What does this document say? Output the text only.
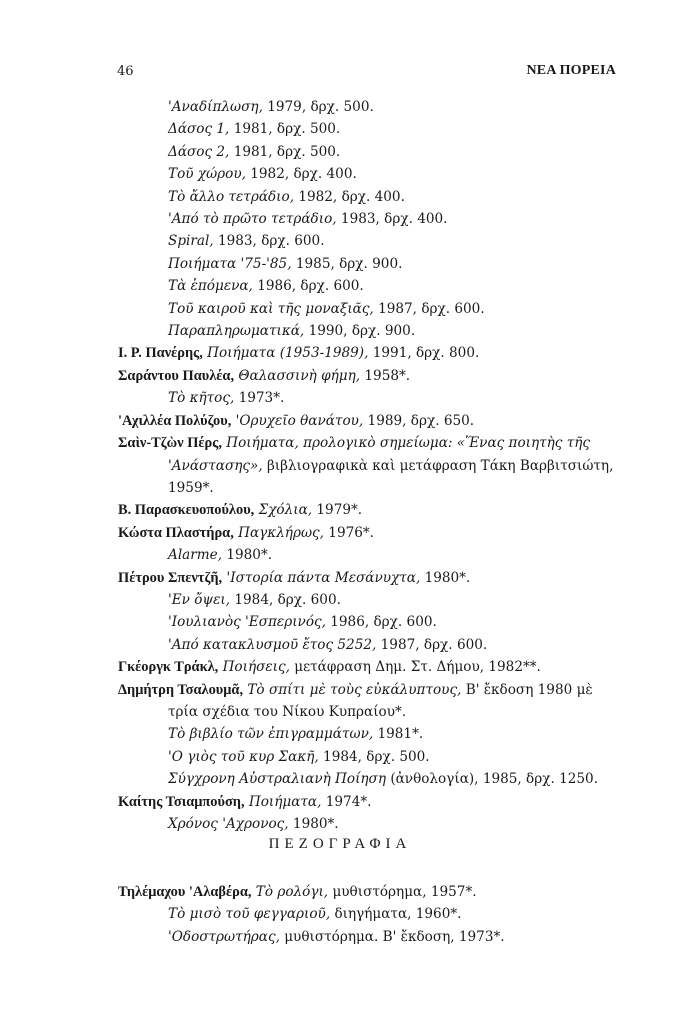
46	ΝΕΑ ΠΟΡΕΙΑ
'Αναδίπλωση, 1979, δρχ. 500.
Δάσος 1, 1981, δρχ. 500.
Δάσος 2, 1981, δρχ. 500.
Τοῦ χώρου, 1982, δρχ. 400.
Τὸ ἄλλο τετράδιο, 1982, δρχ. 400.
'Από τὸ πρῶτο τετράδιο, 1983, δρχ. 400.
Spiral, 1983, δρχ. 600.
Ποιήματα '75-'85, 1985, δρχ. 900.
Τὰ ἑπόμενα, 1986, δρχ. 600.
Τοῦ καιροῦ καὶ τῆς μοναξιᾶς, 1987, δρχ. 600.
Παραπληρωματικά, 1990, δρχ. 900.
Ι. Ρ. Πανέρης, Ποιήματα (1953-1989), 1991, δρχ. 800.
Σαράντου Παυλέα, Θαλασσινὴ φήμη, 1958*.
Τὸ κῆτος, 1973*.
'Αχιλλέα Πολύζου, 'Ορυχεῖο θανάτου, 1989, δρχ. 650.
Σαὶν-Τζὼν Πέρς, Ποιήματα, προλογικὸ σημείωμα: «Ἕνας ποιητὴς τῆς 'Ανάστασης», βιβλιογραφικὰ καὶ μετάφραση Τάκη Βαρβιτσιώτη, 1959*.
Β. Παρασκευοπούλου, Σχόλια, 1979*.
Κώστα Πλαστήρα, Παγκλήρως, 1976*.
Alarme, 1980*.
Πέτρου Σπεντζῆ, 'Ιστορία πάντα Μεσάνυχτα, 1980*.
'Εν ὄψει, 1984, δρχ. 600.
'Ιουλιανὸς 'Εσπερινός, 1986, δρχ. 600.
'Από κατακλυσμοῦ ἔτος 5252, 1987, δρχ. 600.
Γκέοργκ Τράκλ, Ποιήσεις, μετάφραση Δημ. Στ. Δήμου, 1982**.
Δημήτρη Τσαλουμᾶ, Τὸ σπίτι μὲ τοὺς εὐκάλυπτους, Β' ἔκδοση 1980 μὲ τρία σχέδια του Νίκου Κυπραίου*.
Τὸ βιβλίο τῶν ἐπιγραμμάτων, 1981*.
'Ο γιὸς τοῦ κυρ Σακῆ, 1984, δρχ. 500.
Σύγχρονη Αὐστραλιανὴ Ποίηση (ἀνθολογία), 1985, δρχ. 1250.
Καίτης Τσιαμπούση, Ποιήματα, 1974*.
Χρόνος 'Αχρονος, 1980*.
ΠΕΖΟΓΡΑΦΙΑ
Τηλέμαχου 'Αλαβέρα, Τὸ ρολόγι, μυθιστόρημα, 1957*.
Τὸ μισὸ τοῦ φεγγαριοῦ, διηγήματα, 1960*.
'Οδοστρωτήρας, μυθιστόρημα. Β' ἔκδοση, 1973*.
